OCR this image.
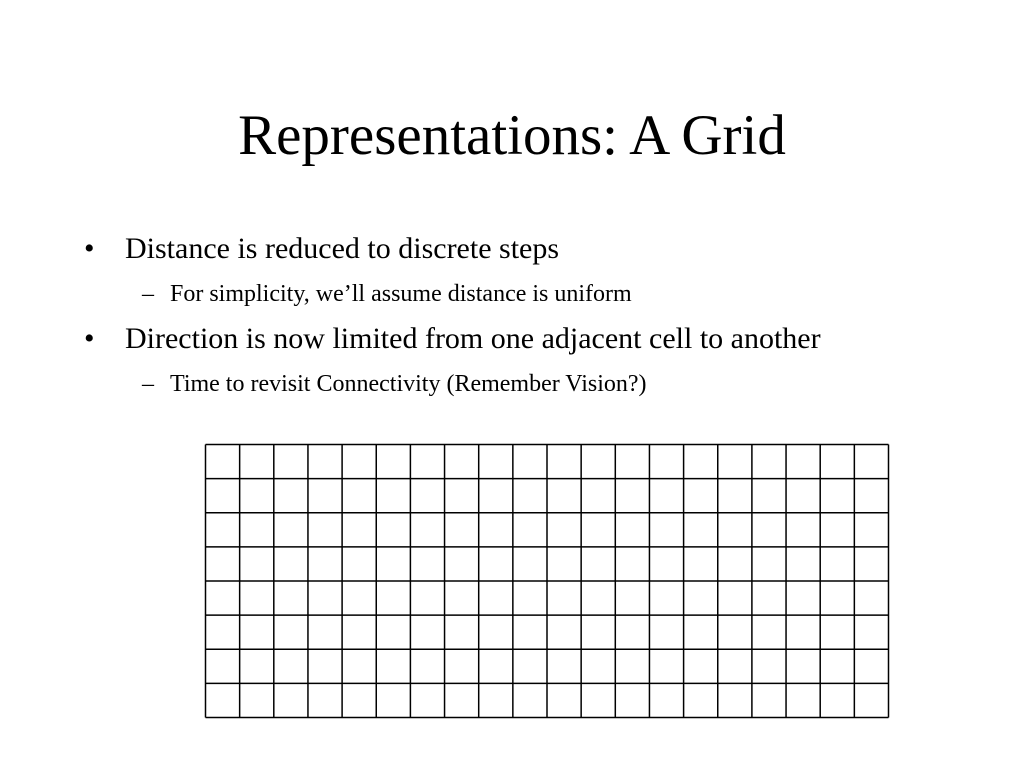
Representations: A Grid
• Distance is reduced to discrete steps
– For simplicity, we’ll assume distance is uniform
• Direction is now limited from one adjacent cell to another
– Time to revisit Connectivity (Remember Vision?)
